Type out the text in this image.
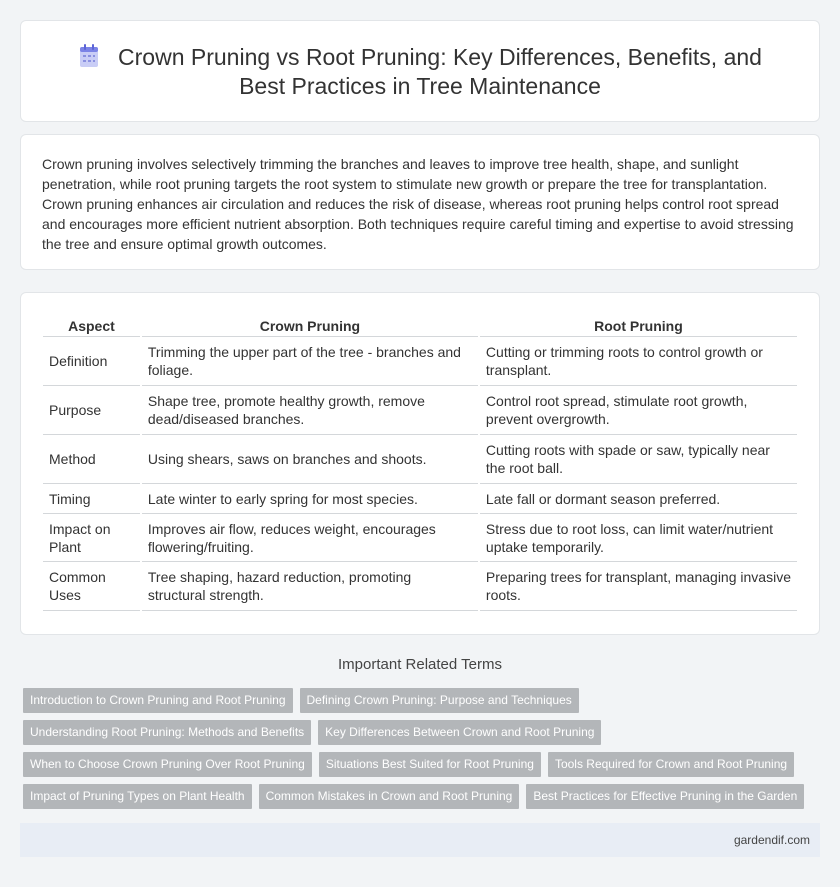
Crown Pruning vs Root Pruning: Key Differences, Benefits, and
Best Practices in Tree Maintenance

Crown pruning involves selectively trimming the branches and leaves to improve tree health, shape, and sunlight penetration, while root pruning targets the root system to stimulate new growth or prepare the tree for transplantation. Crown pruning enhances air circulation and reduces the risk of disease, whereas root pruning helps control root spread and encourages more efficient nutrient absorption. Both techniques require careful timing and expertise to avoid stressing the tree and ensure optimal growth outcomes.

Aspect	Crown Pruning	Root Pruning
Definition	Trimming the upper part of the tree - branches and foliage.	Cutting or trimming roots to control growth or transplant.
Purpose	Shape tree, promote healthy growth, remove dead/diseased branches.	Control root spread, stimulate root growth, prevent overgrowth.
Method	Using shears, saws on branches and shoots.	Cutting roots with spade or saw, typically near the root ball.
Timing	Late winter to early spring for most species.	Late fall or dormant season preferred.
Impact on Plant	Improves air flow, reduces weight, encourages flowering/fruiting.	Stress due to root loss, can limit water/nutrient uptake temporarily.
Common Uses	Tree shaping, hazard reduction, promoting structural strength.	Preparing trees for transplant, managing invasive roots.
Important Related Terms
Introduction to Crown Pruning and Root Pruning	Defining Crown Pruning: Purpose and Techniques
Understanding Root Pruning: Methods and Benefits	Key Differences Between Crown and Root Pruning
When to Choose Crown Pruning Over Root Pruning	Situations Best Suited for Root Pruning	Tools Required for Crown and Root Pruning
Impact of Pruning Types on Plant Health	Common Mistakes in Crown and Root Pruning	Best Practices for Effective Pruning in the Garden
gardendif.com
